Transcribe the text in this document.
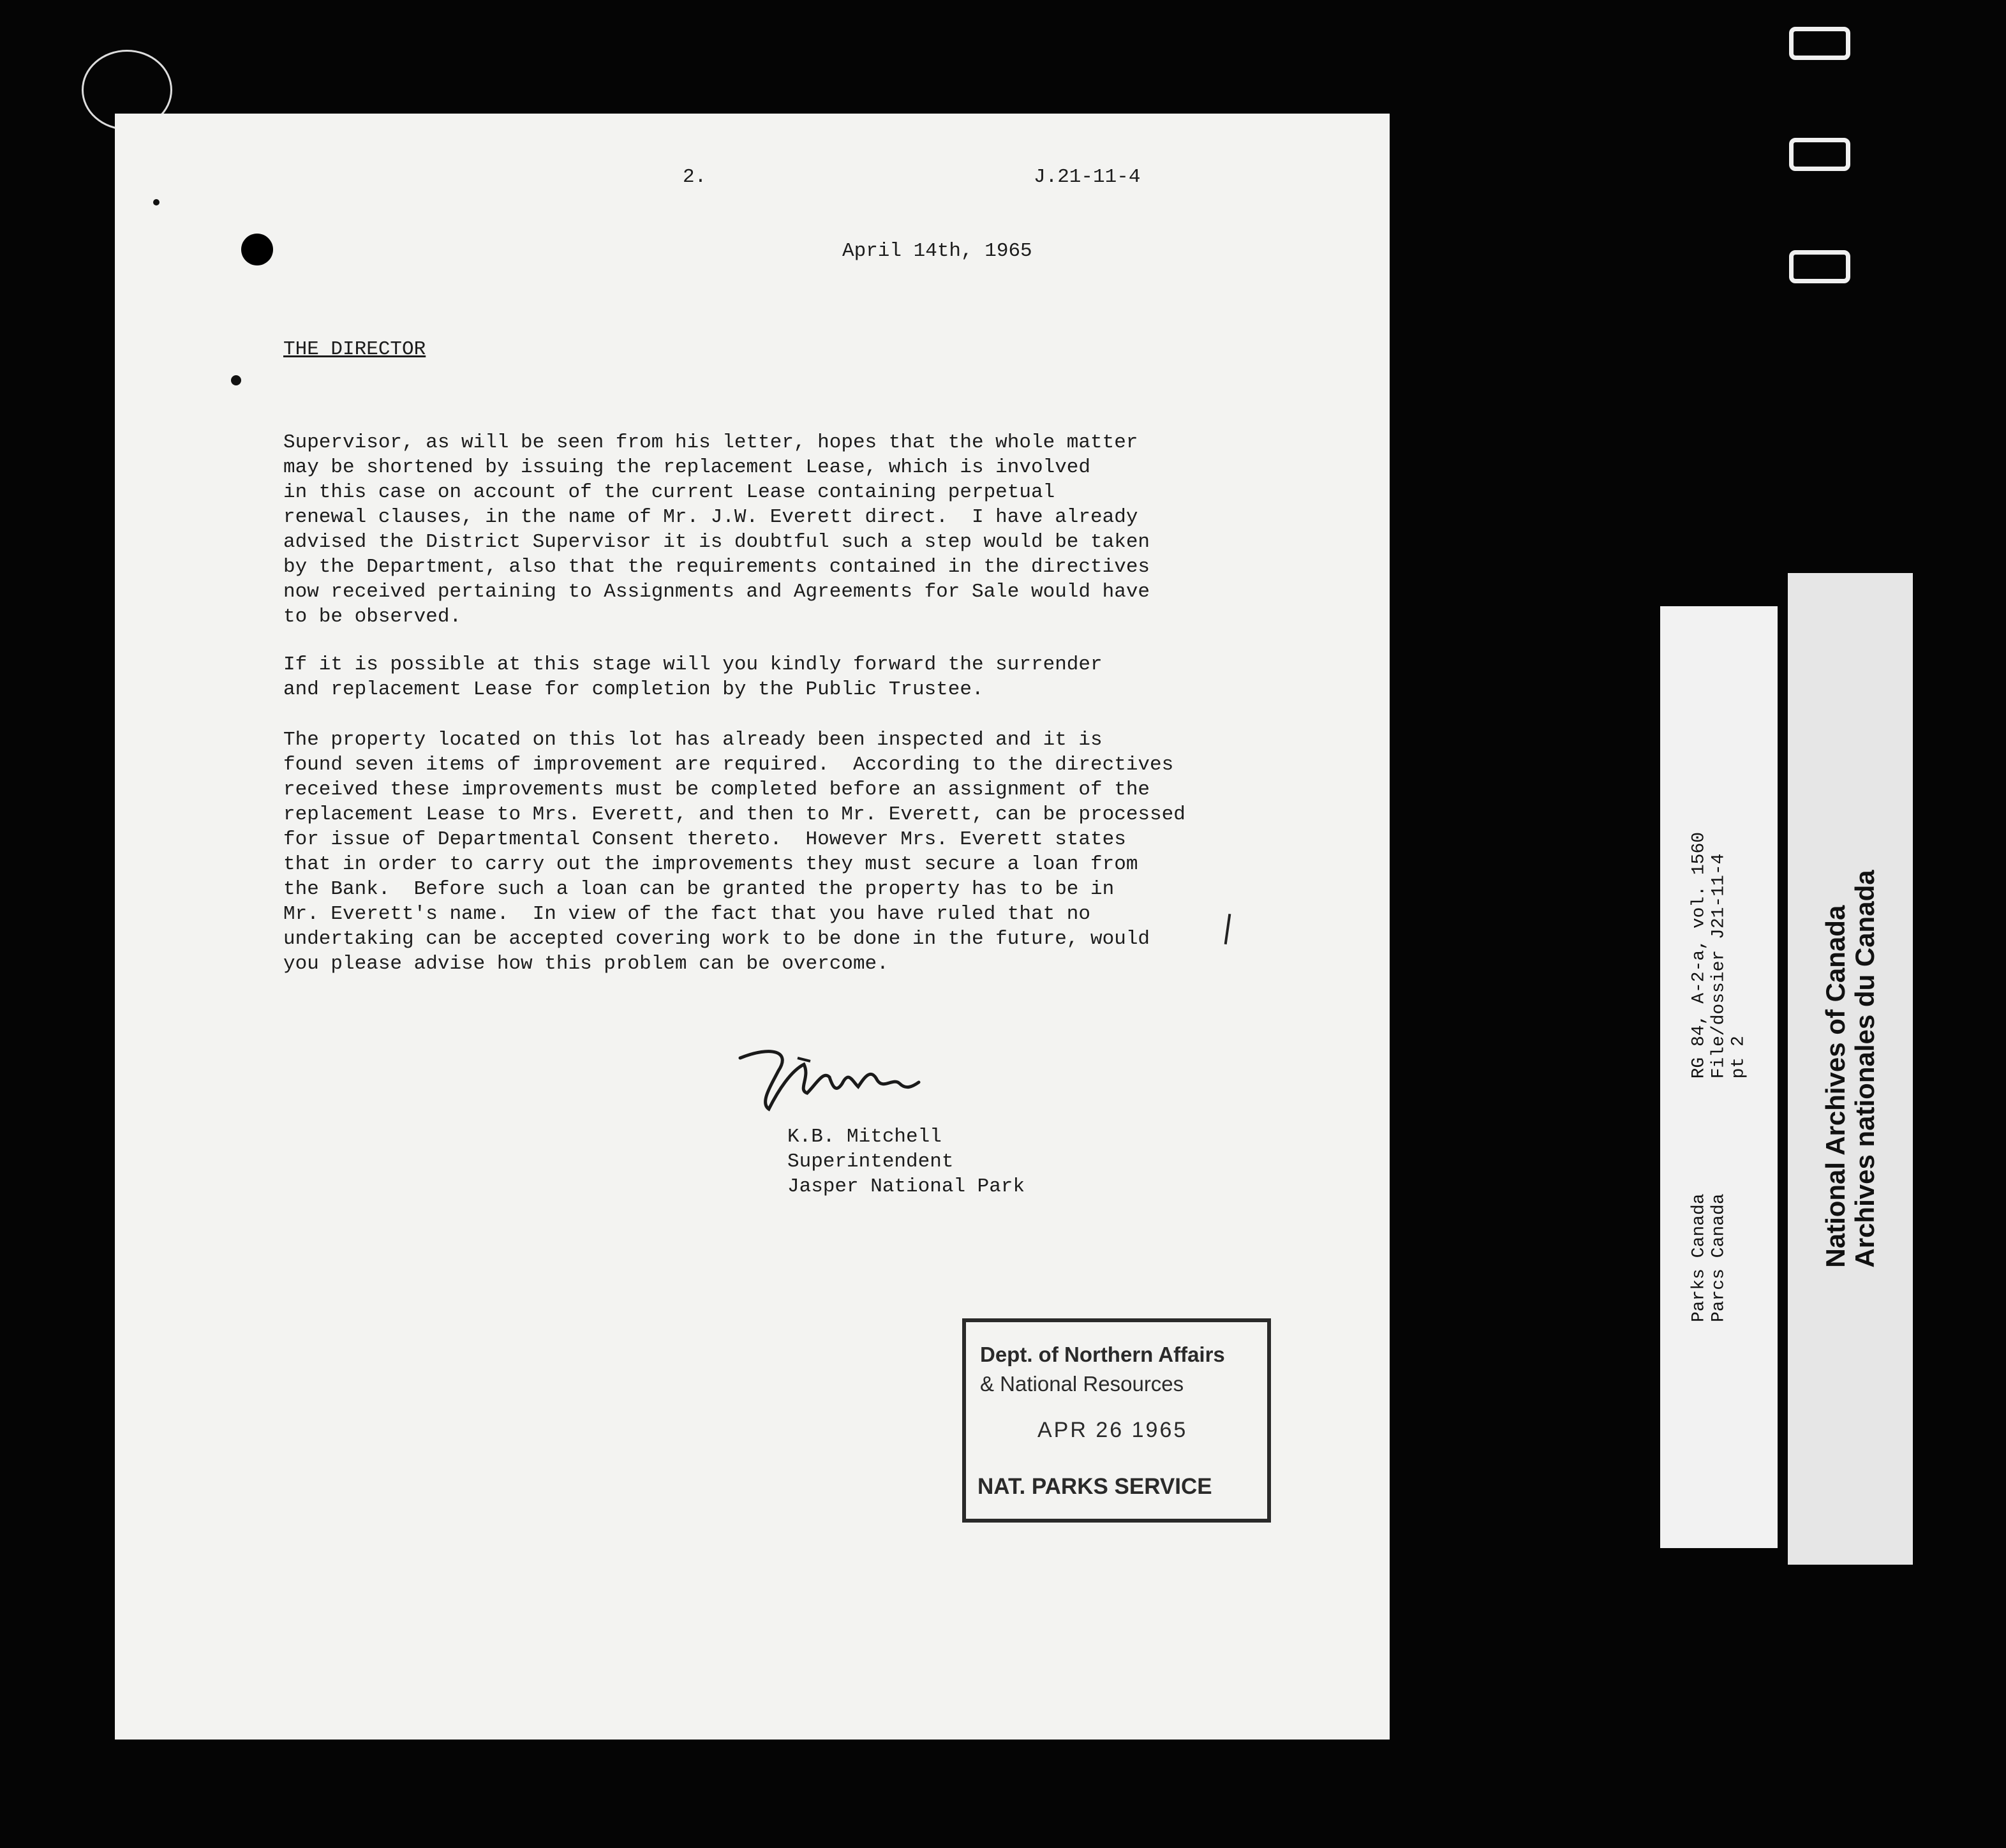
2.	J.21-11-4
April 14th, 1965
THE DIRECTOR
Supervisor, as will be seen from his letter, hopes that the whole matter
may be shortened by issuing the replacement Lease, which is involved
in this case on account of the current Lease containing perpetual
renewal clauses, in the name of Mr. J.W. Everett direct.  I have already
advised the District Supervisor it is doubtful such a step would be taken
by the Department, also that the requirements contained in the directives
now received pertaining to Assignments and Agreements for Sale would have
to be observed.
If it is possible at this stage will you kindly forward the surrender
and replacement Lease for completion by the Public Trustee.
The property located on this lot has already been inspected and it is
found seven items of improvement are required.  According to the directives
received these improvements must be completed before an assignment of the
replacement Lease to Mrs. Everett, and then to Mr. Everett, can be processed
for issue of Departmental Consent thereto.  However Mrs. Everett states
that in order to carry out the improvements they must secure a loan from
the Bank.  Before such a loan can be granted the property has to be in
Mr. Everett's name.  In view of the fact that you have ruled that no
undertaking can be accepted covering work to be done in the future, would
you please advise how this problem can be overcome.
K.B. Mitchell
Superintendent
Jasper National Park
Dept. of Northern Affairs
& National Resources
APR 26 1965
NAT. PARKS SERVICE
Parks Canada Parcs Canada
RG 84, A-2-a, vol. 1560 File/dossier J21-11-4 pt 2	National Archives of Canada Archives nationales du Canada
